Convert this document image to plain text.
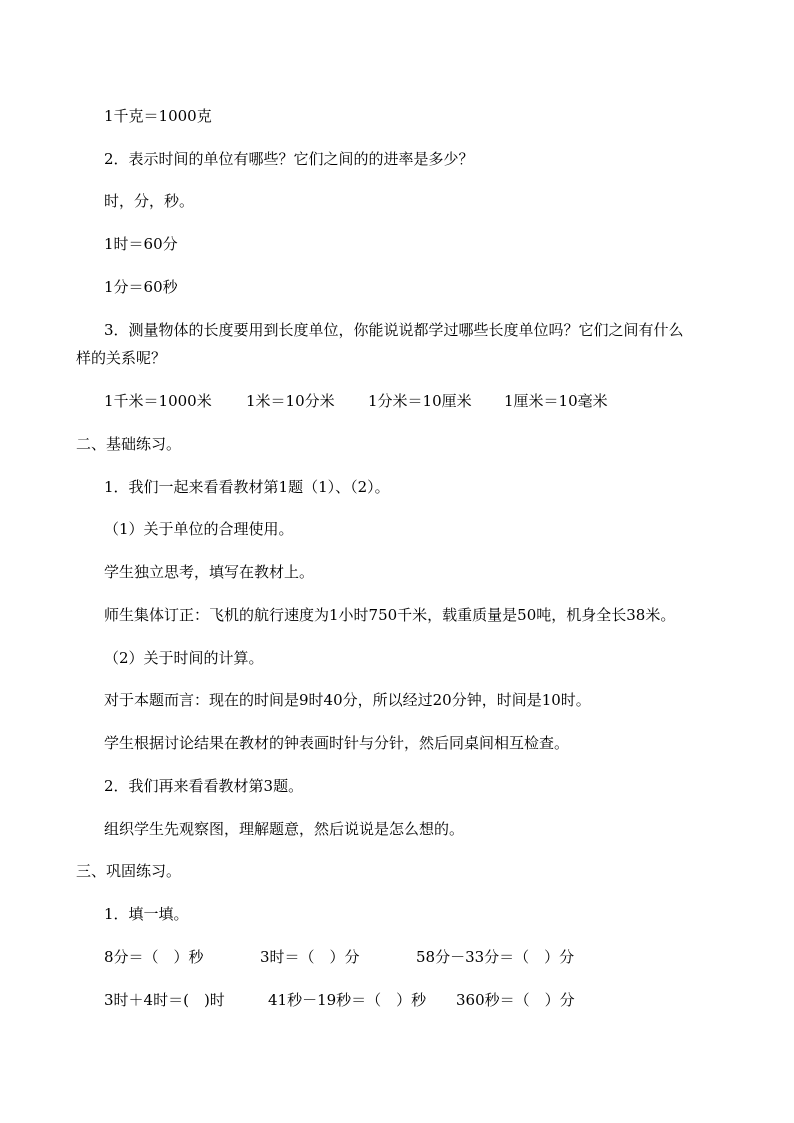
1千克＝1000克
2．表示时间的单位有哪些？它们之间的的进率是多少？
时，分，秒。
1时＝60分
1分＝60秒
3．测量物体的长度要用到长度单位，你能说说都学过哪些长度单位吗？它们之间有什么
样的关系呢？
1千米＝1000米 1米＝10分米 1分米＝10厘米 1厘米＝10毫米
二、基础练习。
1．我们一起来看看教材第1题（1）、（2）。
（1）关于单位的合理使用。
学生独立思考，填写在教材上。
师生集体订正：飞机的航行速度为1小时750千米，载重质量是50吨，机身全长38米。
（2）关于时间的计算。
对于本题而言：现在的时间是9时40分，所以经过20分钟，时间是10时。
学生根据讨论结果在教材的钟表画时针与分针，然后同桌间相互检查。
2．我们再来看看教材第3题。
组织学生先观察图，理解题意，然后说说是怎么想的。
三、巩固练习。
1．填一填。
8分＝（　）秒	3时＝（　）分	58分－33分＝（　）分
3时＋4时＝(　)时	41秒－19秒＝（　）秒 360秒＝（　）分
